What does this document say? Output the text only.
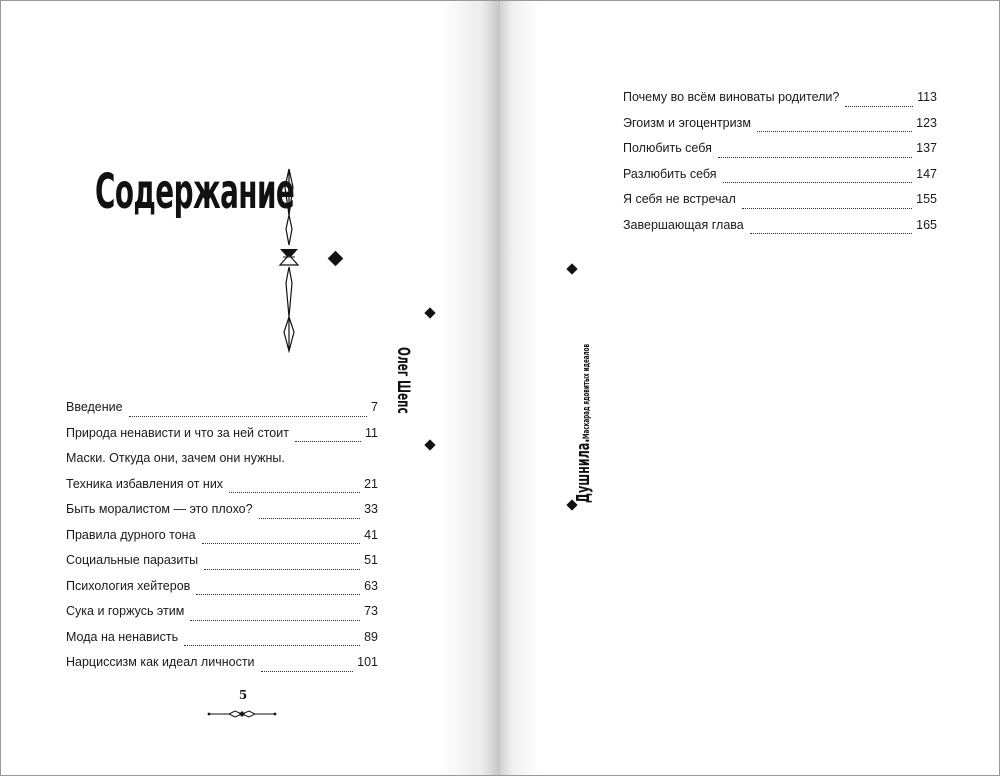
Содержание
Введение	7
Природа ненависти и что за ней стоит	11
Маски. Откуда они, зачем они нужны.
Техника избавления от них	21
Быть моралистом — это плохо?	33
Правила дурного тона	41
Социальные паразиты	51
Психология хейтеров	63
Сука и горжусь этим	73
Мода на ненависть	89
Нарциссизм как идеал личности	101
Олег Шепс
5
Почему во всём виноваты родители?	113
Эгоизм и эгоцентризм	123
Полюбить себя	137
Разлюбить себя	147
Я себя не встречал	155
Завершающая глава	165
Душнила.Маскарад ядовитых идеалов
